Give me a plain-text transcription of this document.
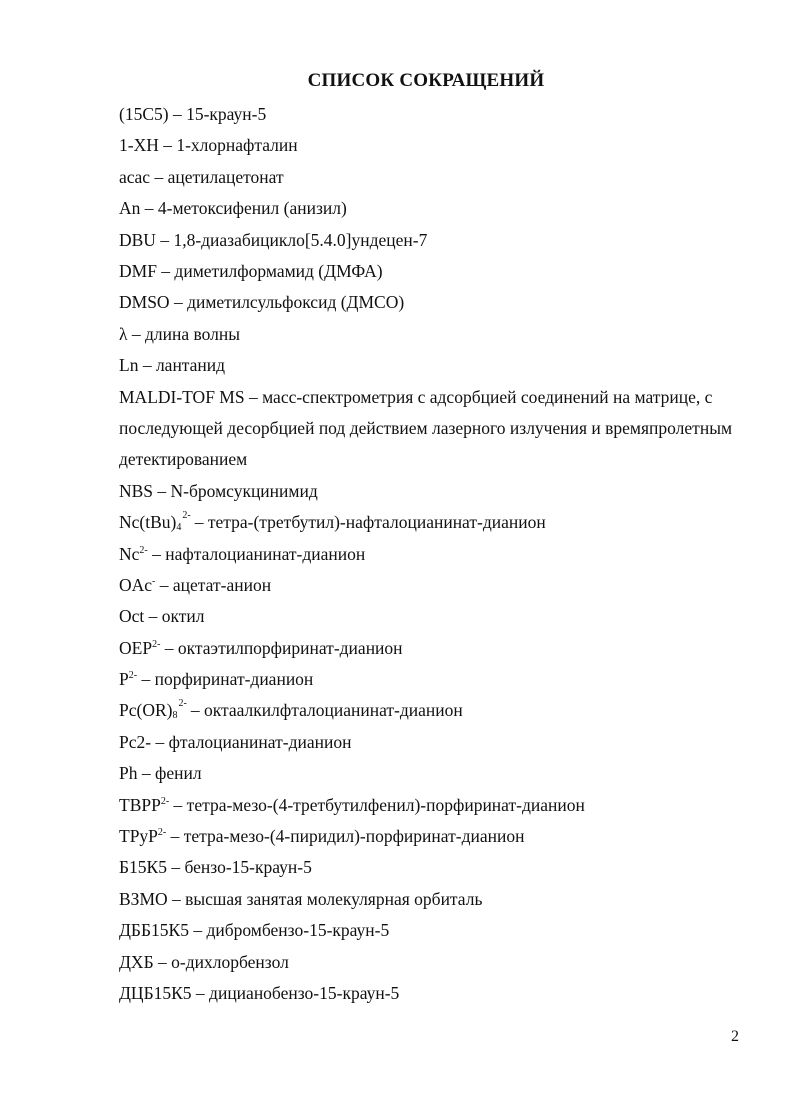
СПИСОК СОКРАЩЕНИЙ
(15С5) – 15-краун-5
1-ХН – 1-хлорнафталин
acac – ацетилацетонат
An – 4-метоксифенил (анизил)
DBU – 1,8-диазабицикло[5.4.0]ундецен-7
DMF – диметилформамид (ДМФА)
DMSO – диметилсульфоксид (ДМСО)
λ – длина волны
Ln – лантанид
MALDI-TOF MS – масс-спектрометрия с адсорбцией соединений на матрице, с последующей десорбцией под действием лазерного излучения и времяпролетным детектированием
NBS – N-бромсукцинимид
Nc(tBu) 4
2- – тетра-(третбутил)-нафталоцианинат-дианион
$Nc^{2-}$ – нафталоцианинат-дианион
OAc- – ацетат-анион
Oct – октил
$OEP^{2-}$ – октаэтилпорфиринат-дианион
$P^{2-}$ – порфиринат-дианион
Pc(OR) 8
2- – октаалкилфталоцианинат-дианион
Pc2- – фталоцианинат-дианион
Ph – фенил
$TBPP^{2-}$ – тетра-мезо-(4-третбутилфенил)-порфиринат-дианион
TPyP$^{2-}$ – тетра-мезо-(4-пиридил)-порфиринат-дианион
Б15К5 – бензо-15-краун-5
ВЗМО – высшая занятая молекулярная орбиталь
ДББ15К5 – дибромбензо-15-краун-5
ДХБ – о-дихлорбензол
ДЦБ15К5 – дицианобензо-15-краун-5
2
